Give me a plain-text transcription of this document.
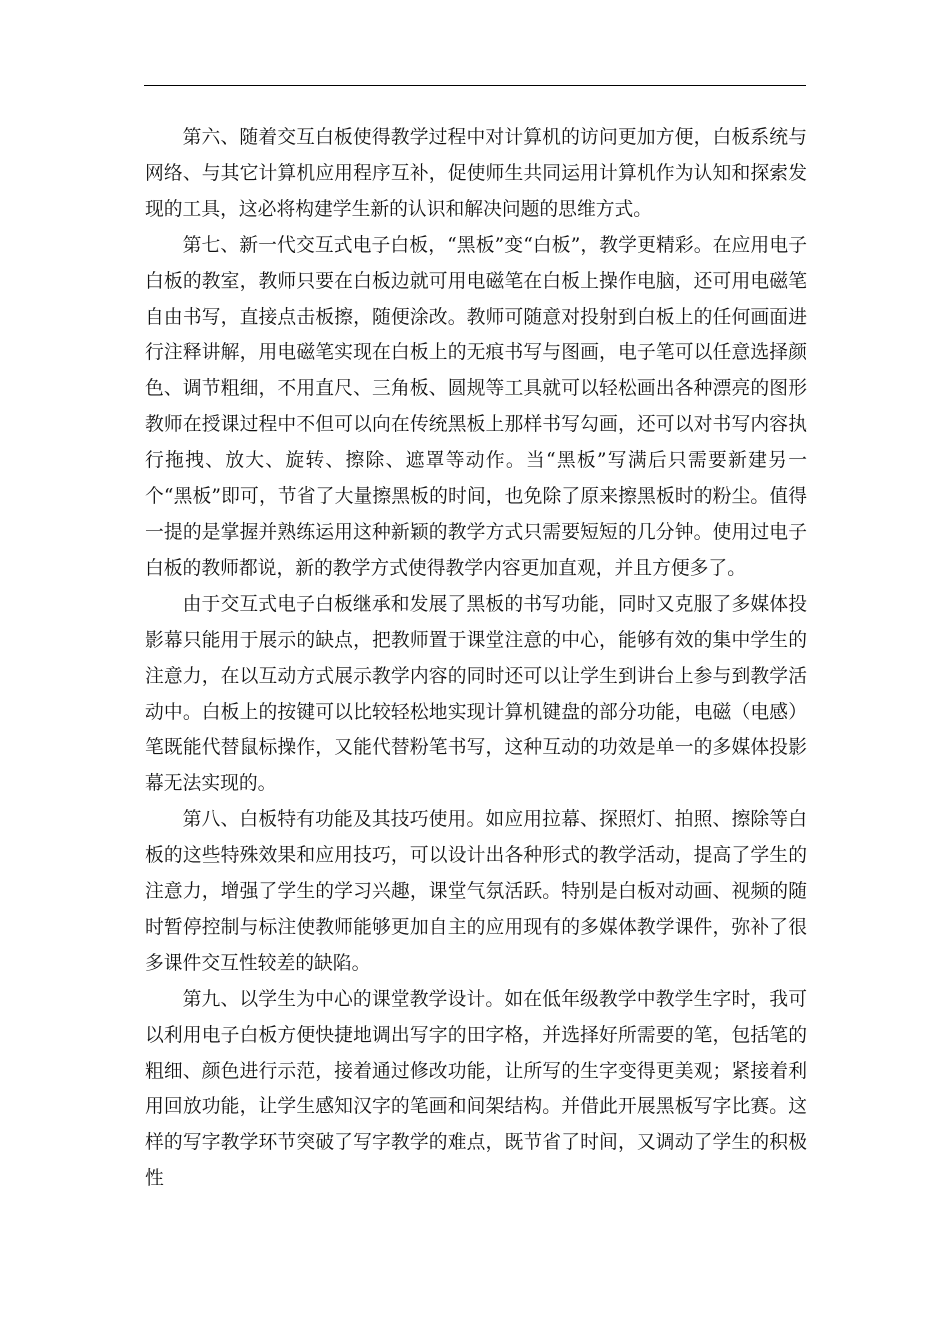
第六、随着交互白板使得教学过程中对计算机的访问更加方便，白板系统与网络、与其它计算机应用程序互补，促使师生共同运用计算机作为认知和探索发现的工具，这必将构建学生新的认识和解决问题的思维方式。

第七、新一代交互式电子白板，“黑板”变“白板”，教学更精彩。在应用电子白板的教室，教师只要在白板边就可用电磁笔在白板上操作电脑，还可用电磁笔自由书写，直接点击板擦，随便涂改。教师可随意对投射到白板上的任何画面进行注释讲解，用电磁笔实现在白板上的无痕书写与图画，电子笔可以任意选择颜色、调节粗细，不用直尺、三角板、圆规等工具就可以轻松画出各种漂亮的图形教师在授课过程中不但可以向在传统黑板上那样书写勾画，还可以对书写内容执行拖拽、放大、旋转、擦除、遮罩等动作。当“黑板”写满后只需要新建另一个“黑板”即可，节省了大量擦黑板的时间，也免除了原来擦黑板时的粉尘。值得一提的是掌握并熟练运用这种新颖的教学方式只需要短短的几分钟。使用过电子白板的教师都说，新的教学方式使得教学内容更加直观，并且方便多了。

由于交互式电子白板继承和发展了黑板的书写功能，同时又克服了多媒体投影幕只能用于展示的缺点，把教师置于课堂注意的中心，能够有效的集中学生的注意力，在以互动方式展示教学内容的同时还可以让学生到讲台上参与到教学活动中。白板上的按键可以比较轻松地实现计算机键盘的部分功能，电磁（电感）笔既能代替鼠标操作，又能代替粉笔书写，这种互动的功效是单一的多媒体投影幕无法实现的。

第八、白板特有功能及其技巧使用。如应用拉幕、探照灯、拍照、擦除等白板的这些特殊效果和应用技巧，可以设计出各种形式的教学活动，提高了学生的注意力，增强了学生的学习兴趣，课堂气氛活跃。特别是白板对动画、视频的随时暂停控制与标注使教师能够更加自主的应用现有的多媒体教学课件，弥补了很多课件交互性较差的缺陷。

第九、以学生为中心的课堂教学设计。如在低年级教学中教学生字时，我可以利用电子白板方便快捷地调出写字的田字格，并选择好所需要的笔，包括笔的粗细、颜色进行示范，接着通过修改功能，让所写的生字变得更美观；紧接着利用回放功能，让学生感知汉字的笔画和间架结构。并借此开展黑板写字比赛。这样的写字教学环节突破了写字教学的难点，既节省了时间，又调动了学生的积极性
